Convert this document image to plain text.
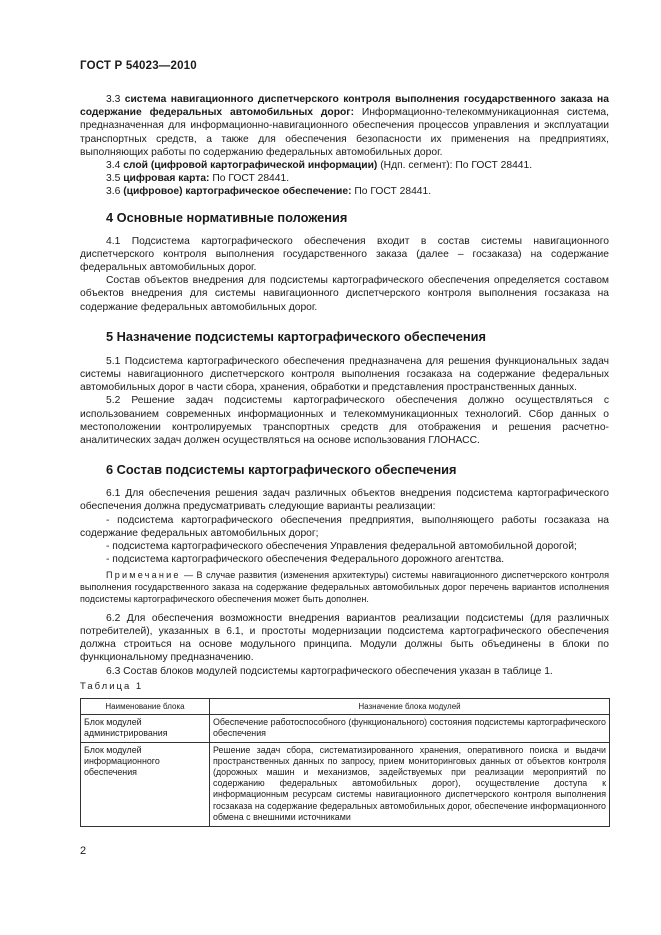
ГОСТ Р 54023—2010

3.3 система навигационного диспетчерского контроля выполнения государственного заказа на содержание федеральных автомобильных дорог: Информационно-телекоммуникационная система, предназначенная для информационно-навигационного обеспечения процессов управления и эксплуатации транспортных средств, а также для обеспечения безопасности их применения на предприятиях, выполняющих работы по содержанию федеральных автомобильных дорог.

3.4 слой (цифровой картографической информации) (Ндп. сегмент): По ГОСТ 28441.

3.5 цифровая карта: По ГОСТ 28441.

3.6 (цифровое) картографическое обеспечение: По ГОСТ 28441.

4 Основные нормативные положения

4.1 Подсистема картографического обеспечения входит в состав системы навигационного диспетчерского контроля выполнения государственного заказа (далее – госзаказа) на содержание федеральных автомобильных дорог.

Состав объектов внедрения для подсистемы картографического обеспечения определяется составом объектов внедрения для системы навигационного диспетчерского контроля выполнения госзаказа на содержание федеральных автомобильных дорог.

5 Назначение подсистемы картографического обеспечения

5.1 Подсистема картографического обеспечения предназначена для решения функциональных задач системы навигационного диспетчерского контроля выполнения госзаказа на содержание федеральных автомобильных дорог в части сбора, хранения, обработки и представления пространственных данных.

5.2 Решение задач подсистемы картографического обеспечения должно осуществляться с использованием современных информационных и телекоммуникационных технологий. Сбор данных о местоположении контролируемых транспортных средств для отображения и решения расчетно-аналитических задач должен осуществляться на основе использования ГЛОНАСС.

6 Состав подсистемы картографического обеспечения

6.1 Для обеспечения решения задач различных объектов внедрения подсистема картографического обеспечения должна предусматривать следующие варианты реализации:

- подсистема картографического обеспечения предприятия, выполняющего работы госзаказа на содержание федеральных автомобильных дорог;

- подсистема картографического обеспечения Управления федеральной автомобильной дорогой;

- подсистема картографического обеспечения Федерального дорожного агентства.

Примечание — В случае развития (изменения архитектуры) системы навигационного диспетчерского контроля выполнения государственного заказа на содержание федеральных автомобильных дорог перечень вариантов исполнения подсистемы картографического обеспечения может быть дополнен.

6.2 Для обеспечения возможности внедрения вариантов реализации подсистемы (для различных потребителей), указанных в 6.1, и простоты модернизации подсистема картографического обеспечения должна строиться на основе модульного принципа. Модули должны быть объединены в блоки по функциональному предназначению.

6.3 Состав блоков модулей подсистемы картографического обеспечения указан в таблице 1.

Таблица 1
Наименование блока	Назначение блока модулей
Блок модулей администрирования	Обеспечение работоспособного (функционального) состояния подсистемы картографического обеспечения
Блок модулей информационного обеспечения	Решение задач сбора, систематизированного хранения, оперативного поиска и выдачи пространственных данных по запросу, прием мониторинговых данных от объектов контроля (дорожных машин и механизмов, задействуемых при реализации мероприятий по содержанию федеральных автомобильных дорог), осуществление доступа к информационным ресурсам системы навигационного диспетчерского контроля выполнения госзаказа на содержание федеральных автомобильных дорог, обеспечение информационного обмена с внешними источниками
2
